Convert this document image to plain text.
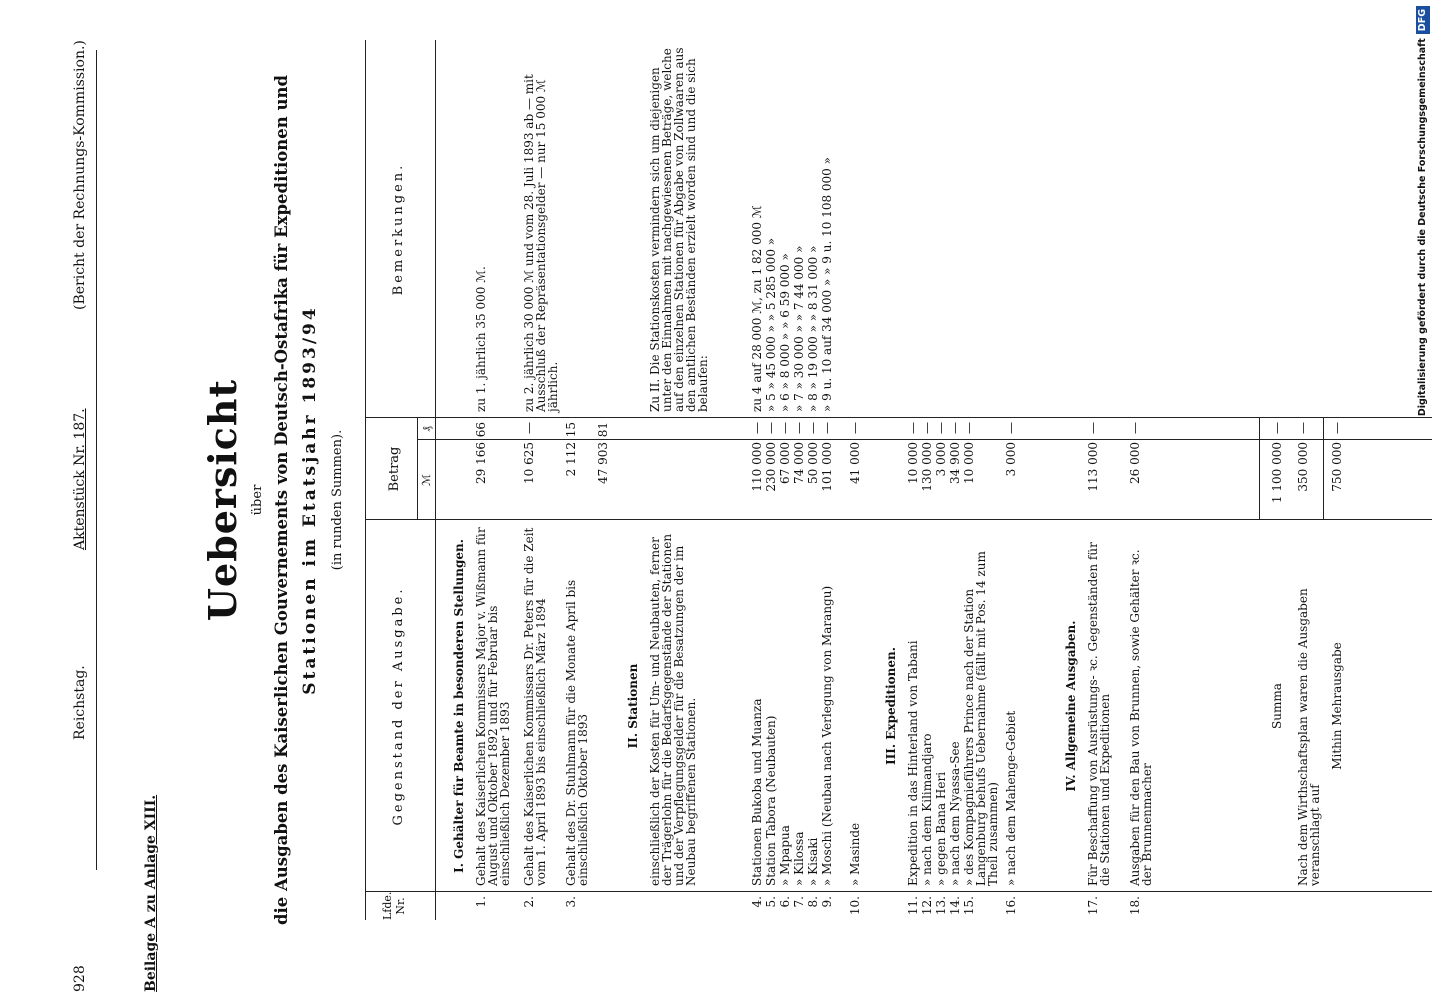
928
Reichstag.
Aktenstück Nr. 187.
(Bericht der Rechnungs-Kommission.)
Beilage A zu Anlage XIII.
Uebersicht über die Ausgaben des Kaiserlichen Gouvernements von Deutsch-Ostafrika für Expeditionen und Stationen im Etatsjahr 1893/94 (in runden Summen).
Lfde. Nr.
Gegenstand der Ausgabe.
Betrag ℳ
₰
Bemerkungen.
I. Gehälter für Beamte in besonderen Stellungen.
1.
Gehalt des Kaiserlichen Kommissars Major v. Wißmann für August und Oktober 1892 und für Februar bis einschließlich Dezember 1893
29 166
66
zu 1. jährlich 35 000 ℳ.
2.
Gehalt des Kaiserlichen Kommissars Dr. Peters für die Zeit vom 1. April 1893 bis einschließlich März 1894
10 625
—
zu 2. jährlich 30 000 ℳ und vom 28. Juli 1893 ab — mit Ausschluß der Repräsentationsgelder — nur 15 000 ℳ jährlich.
3.
Gehalt des Dr. Stuhlmann für die Monate April bis einschließlich Oktober 1893
2 112
15
47 903
81
II. Stationen einschließlich der Kosten für Um- und Neubauten, ferner der Trägerlohn für die Bedarfsgegenstände der Stationen und der Verpflegungsgelder für die Besatzungen der im Neubau begriffenen Stationen.
Zu II. Die Stationskosten vermindern sich um diejenigen unter den Einnahmen mit nachgewiesenen Beträge, welche auf den einzelnen Stationen für Abgabe von Zollwaaren aus den amtlichen Beständen erzielt worden sind und die sich belaufen:
4.
Stationen Bukoba und Muanza
110 000
—
zu 4 auf 28 000 ℳ, zu 1 82 000 ℳ
5.
Station Tabora (Neubauten)
230 000
—
» 5 » 45 000 » » 5 285 000 »
6.
» Mpapua
67 000
—
» 6 » 8 000 » » 6 59 000 »
7.
» Kilossa
74 000
—
» 7 » 30 000 » » 7 44 000 »
8.
» Kisaki
50 000
—
» 8 » 19 000 » » 8 31 000 »
9.
» Moschi (Neubau nach Verlegung von Marangu)
101 000
—
» 9 u. 10 auf 34 000 » » 9 u. 10 108 000 »
10.
» Masinde
41 000
—
III. Expeditionen.
11.
Expedition in das Hinterland von Tabani
10 000
—
12.
» nach dem Kilimandjaro
130 000
—
13.
» gegen Bana Heri
3 000
—
14.
» nach dem Nyassa-See
34 900
—
15.
» des Kompagnieführers Prince nach der Station Langenburg behufs Uebernahme (fällt mit Pos. 14 zum Theil zusammen)
10 000
—
16.
» nach dem Mahenge-Gebiet
3 000
—
IV. Allgemeine Ausgaben.
17.
Für Beschaffung von Ausrüstungs- ꝛc. Gegenständen für die Stationen und Expeditionen
113 000
—
18.
Ausgaben für den Bau von Brunnen, sowie Gehälter ꝛc. der Brunnenmacher
26 000
—
Summa
1 100 000
—
Nach dem Wirthschaftsplan waren die Ausgaben veranschlagt auf
350 000
—
Mithin Mehrausgabe
750 000
—
Digitalisierung gefördert durch die Deutsche ForschungsgemeinschaftDFG
